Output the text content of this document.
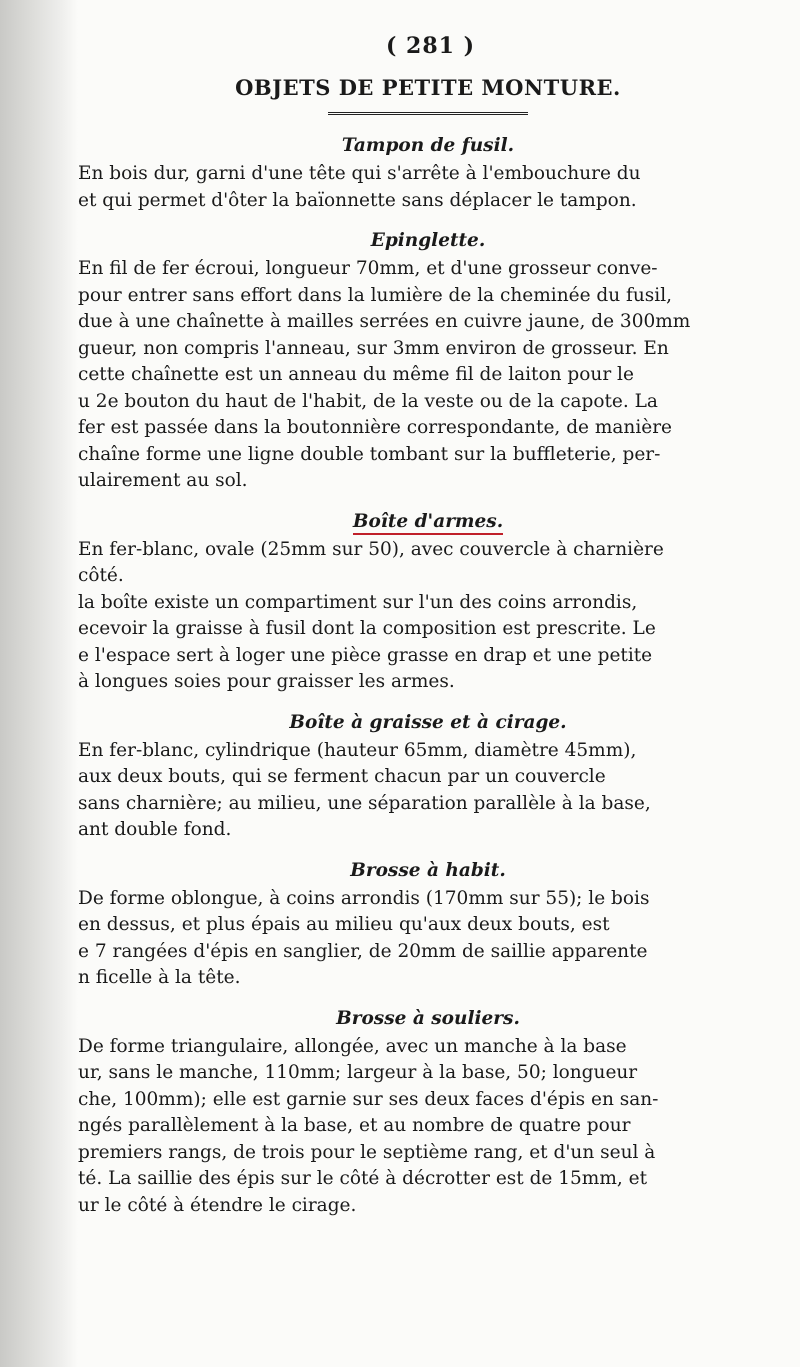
( 281 )
OBJETS DE PETITE MONTURE.
Tampon de fusil.

En bois dur, garni d'une tête qui s'arrête à l'embouchure du
et qui permet d'ôter la baïonnette sans déplacer le tampon.

Epinglette.

En fil de fer écroui, longueur 70mm, et d'une grosseur conve-
pour entrer sans effort dans la lumière de la cheminée du fusil,
due à une chaînette à mailles serrées en cuivre jaune, de 300mm
gueur, non compris l'anneau, sur 3mm environ de grosseur. En
cette chaînette est un anneau du même fil de laiton pour le
u 2e bouton du haut de l'habit, de la veste ou de la capote. La
fer est passée dans la boutonnière correspondante, de manière
chaîne forme une ligne double tombant sur la buffleterie, per-
ulairement au sol.

Boîte d'armes.

En fer-blanc, ovale (25mm sur 50), avec couvercle à charnière
côté.
la boîte existe un compartiment sur l'un des coins arrondis,
ecevoir la graisse à fusil dont la composition est prescrite. Le
e l'espace sert à loger une pièce grasse en drap et une petite
à longues soies pour graisser les armes.

Boîte à graisse et à cirage.

En fer-blanc, cylindrique (hauteur 65mm, diamètre 45mm),
aux deux bouts, qui se ferment chacun par un couvercle
sans charnière; au milieu, une séparation parallèle à la base,
ant double fond.

Brosse à habit.

De forme oblongue, à coins arrondis (170mm sur 55); le bois
en dessus, et plus épais au milieu qu'aux deux bouts, est
e 7 rangées d'épis en sanglier, de 20mm de saillie apparente
n ficelle à la tête.

Brosse à souliers.

De forme triangulaire, allongée, avec un manche à la base
ur, sans le manche, 110mm; largeur à la base, 50; longueur
che, 100mm); elle est garnie sur ses deux faces d'épis en san-
ngés parallèlement à la base, et au nombre de quatre pour
premiers rangs, de trois pour le septième rang, et d'un seul à
té. La saillie des épis sur le côté à décrotter est de 15mm, et
ur le côté à étendre le cirage.
